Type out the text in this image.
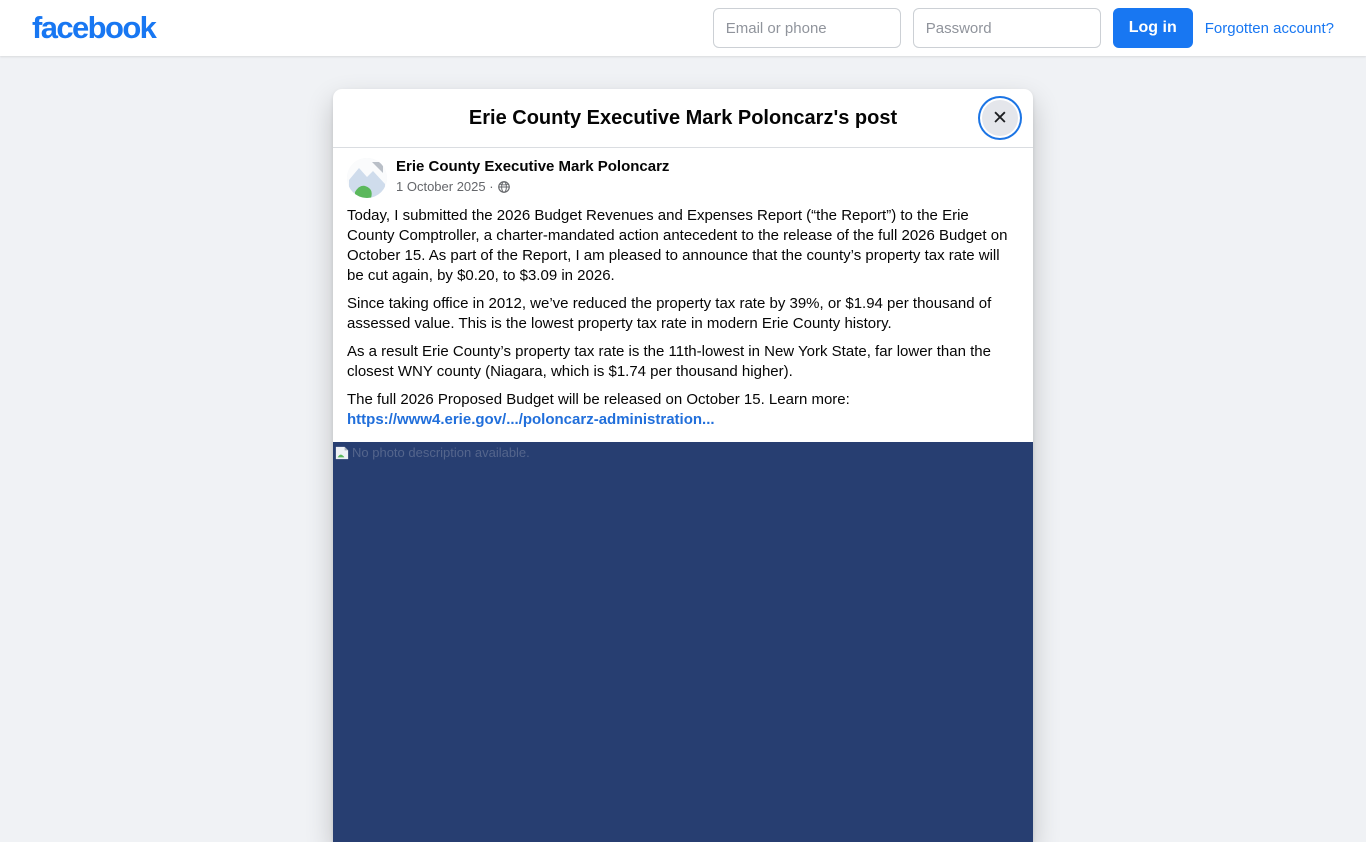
facebook
Email or phone	Log in	Forgotten account?
Erie County Executive Mark Poloncarz's post	✕
Erie County Executive Mark Poloncarz
1 October 2025 ·

Today, I submitted the 2026 Budget Revenues and Expenses Report (“the Report”) to the Erie County Comptroller, a charter-mandated action antecedent to the release of the full 2026 Budget on October 15. As part of the Report, I am pleased to announce that the county’s property tax rate will be cut again, by $0.20, to $3.09 in 2026.

Since taking office in 2012, we’ve reduced the property tax rate by 39%, or $1.94 per thousand of assessed value. This is the lowest property tax rate in modern Erie County history.

As a result Erie County’s property tax rate is the 11th-lowest in New York State, far lower than the closest WNY county (Niagara, which is $1.74 per thousand higher).

The full 2026 Proposed Budget will be released on October 15. Learn more:

https://www4.erie.gov/.../poloncarz-administration...
No photo description available.
